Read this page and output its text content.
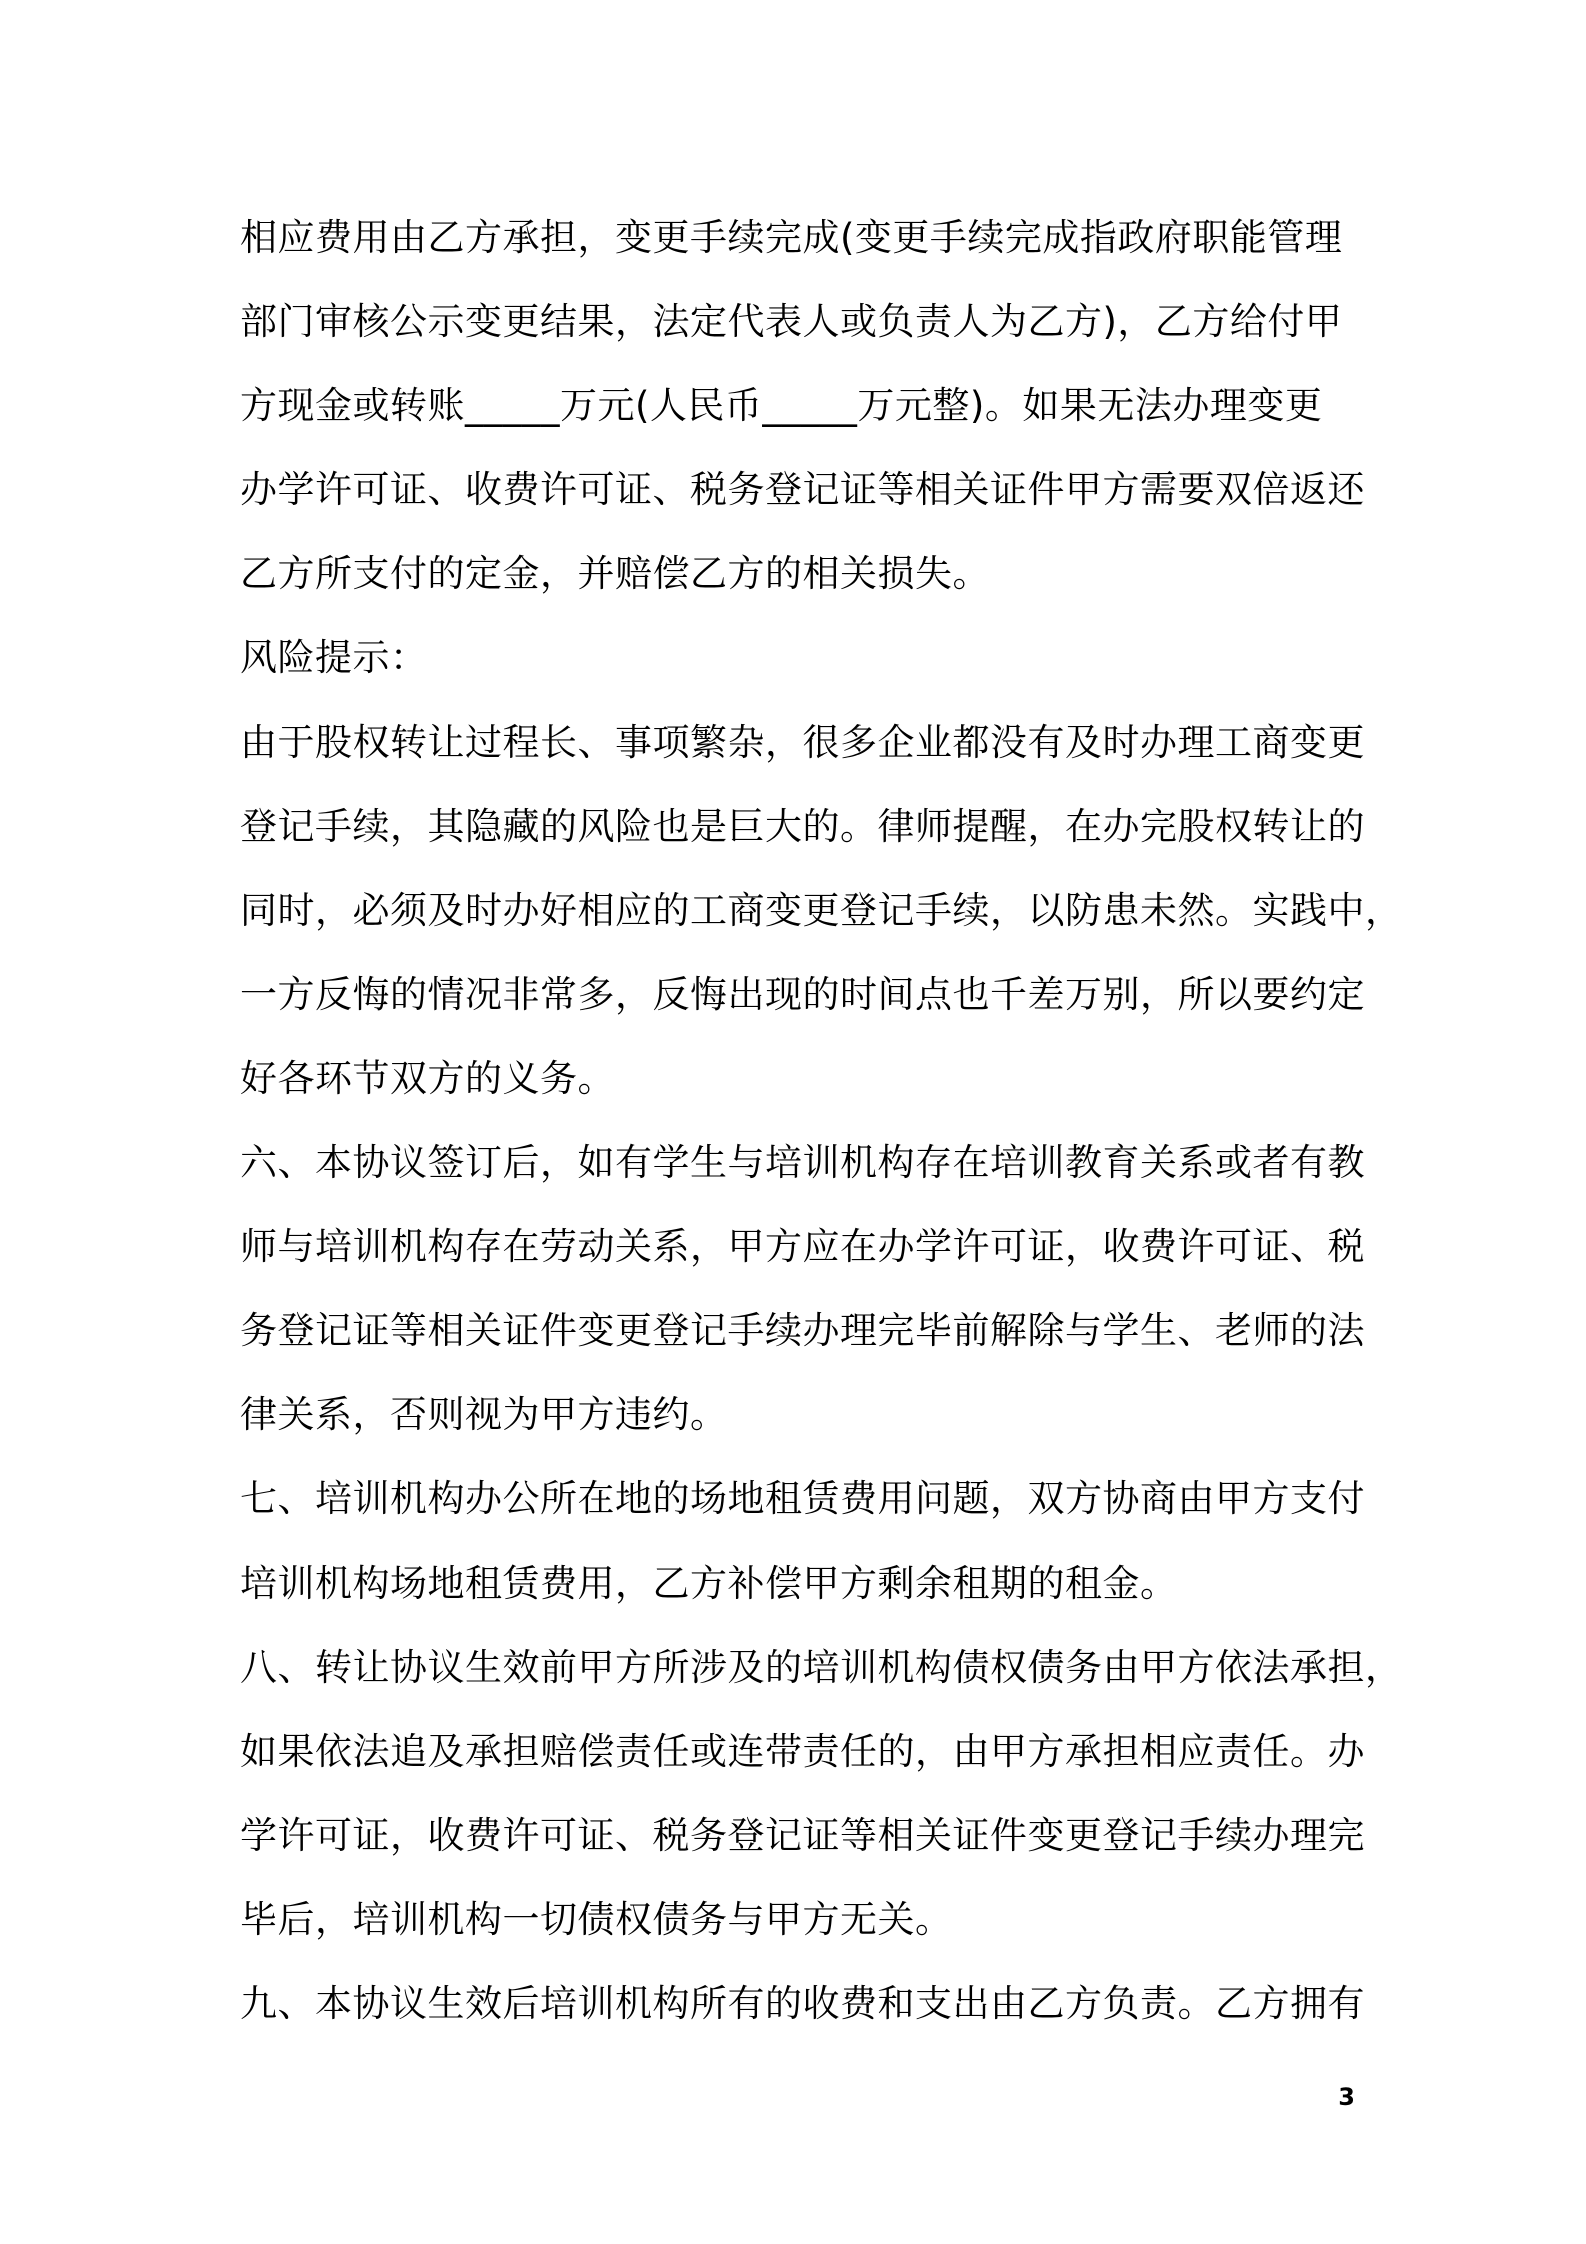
相应费用由乙方承担，变更手续完成(变更手续完成指政府职能管理
部门审核公示变更结果，法定代表人或负责人为乙方)，乙方给付甲
方现金或转账_____万元(人民币_____万元整)。如果无法办理变更
办学许可证、收费许可证、税务登记证等相关证件甲方需要双倍返还
乙方所支付的定金，并赔偿乙方的相关损失。
风险提示：
由于股权转让过程长、事项繁杂，很多企业都没有及时办理工商变更
登记手续，其隐藏的风险也是巨大的。律师提醒，在办完股权转让的
同时，必须及时办好相应的工商变更登记手续，以防患未然。实践中，
一方反悔的情况非常多，反悔出现的时间点也千差万别，所以要约定
好各环节双方的义务。
六、本协议签订后，如有学生与培训机构存在培训教育关系或者有教
师与培训机构存在劳动关系，甲方应在办学许可证，收费许可证、税
务登记证等相关证件变更登记手续办理完毕前解除与学生、老师的法
律关系，否则视为甲方违约。
七、培训机构办公所在地的场地租赁费用问题，双方协商由甲方支付
培训机构场地租赁费用，乙方补偿甲方剩余租期的租金。
八、转让协议生效前甲方所涉及的培训机构债权债务由甲方依法承担，
如果依法追及承担赔偿责任或连带责任的，由甲方承担相应责任。办
学许可证，收费许可证、税务登记证等相关证件变更登记手续办理完
毕后，培训机构一切债权债务与甲方无关。
九、本协议生效后培训机构所有的收费和支出由乙方负责。乙方拥有
3
